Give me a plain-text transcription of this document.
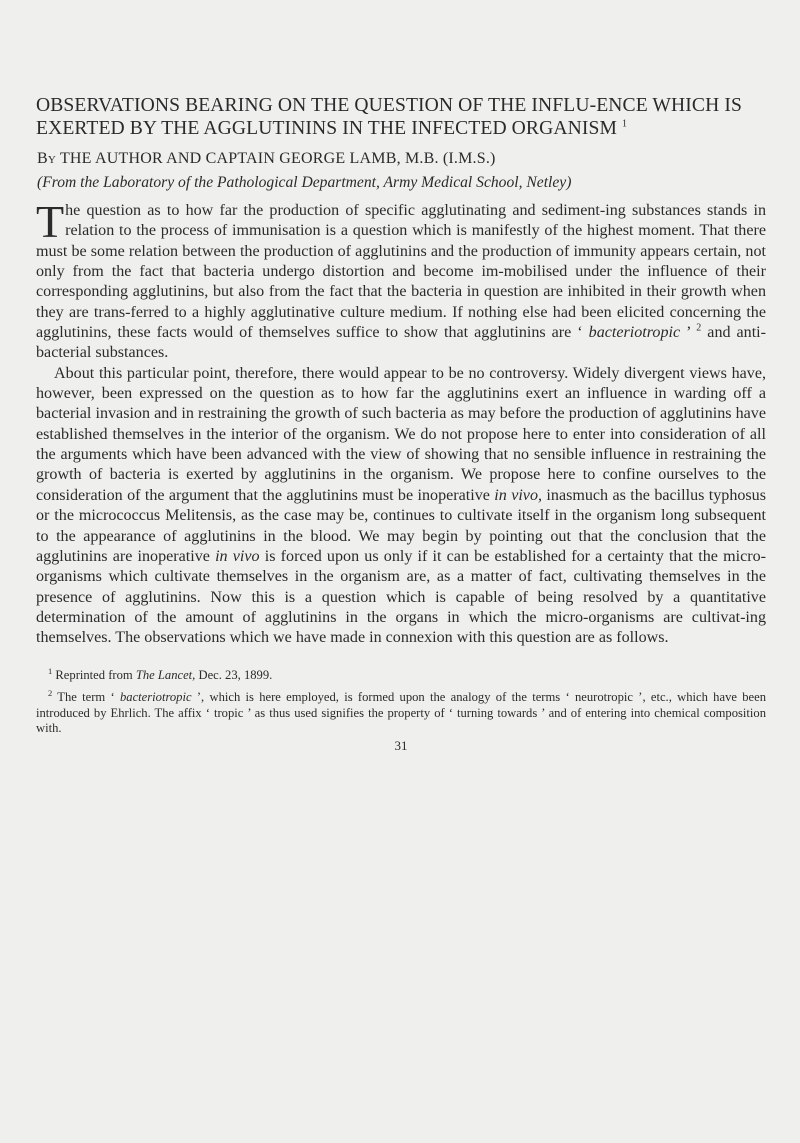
OBSERVATIONS BEARING ON THE QUESTION OF THE INFLU-ENCE WHICH IS EXERTED BY THE AGGLUTININS IN THE INFECTED ORGANISM $^1$
By THE AUTHOR AND CAPTAIN GEORGE LAMB, M.B. (I.M.S.)
(From the Laboratory of the Pathological Department, Army Medical School, Netley)

The question as to how far the production of specific agglutinating and sediment-ing substances stands in relation to the process of immunisation is a question which is manifestly of the highest moment. That there must be some relation between the production of agglutinins and the production of immunity appears certain, not only from the fact that bacteria undergo distortion and become im-mobilised under the influence of their corresponding agglutinins, but also from the fact that the bacteria in question are inhibited in their growth when they are trans-ferred to a highly agglutinative culture medium. If nothing else had been elicited concerning the agglutinins, these facts would of themselves suffice to show that agglutinins are ‘ bacteriotropic ’ $^2$ and anti-bacterial substances.

About this particular point, therefore, there would appear to be no controversy. Widely divergent views have, however, been expressed on the question as to how far the agglutinins exert an influence in warding off a bacterial invasion and in restraining the growth of such bacteria as may before the production of agglutinins have established themselves in the interior of the organism. We do not propose here to enter into consideration of all the arguments which have been advanced with the view of showing that no sensible influence in restraining the growth of bacteria is exerted by agglutinins in the organism. We propose here to confine ourselves to the consideration of the argument that the agglutinins must be inoperative in vivo, inasmuch as the bacillus typhosus or the micrococcus Melitensis, as the case may be, continues to cultivate itself in the organism long subsequent to the appearance of agglutinins in the blood. We may begin by pointing out that the conclusion that the agglutinins are inoperative in vivo is forced upon us only if it can be established for a certainty that the micro-organisms which cultivate themselves in the organism are, as a matter of fact, cultivating themselves in the presence of agglutinins. Now this is a question which is capable of being resolved by a quantitative determination of the amount of agglutinins in the organs in which the micro-organisms are cultivat-ing themselves. The observations which we have made in connexion with this question are as follows.

$^1$ Reprinted from The Lancet, Dec. 23, 1899.

$^2$ The term ‘ bacteriotropic ’, which is here employed, is formed upon the analogy of the terms ‘ neurotropic ’, etc., which have been introduced by Ehrlich. The affix ‘ tropic ’ as thus used signifies the property of ‘ turning towards ’ and of entering into chemical composition with.

31
